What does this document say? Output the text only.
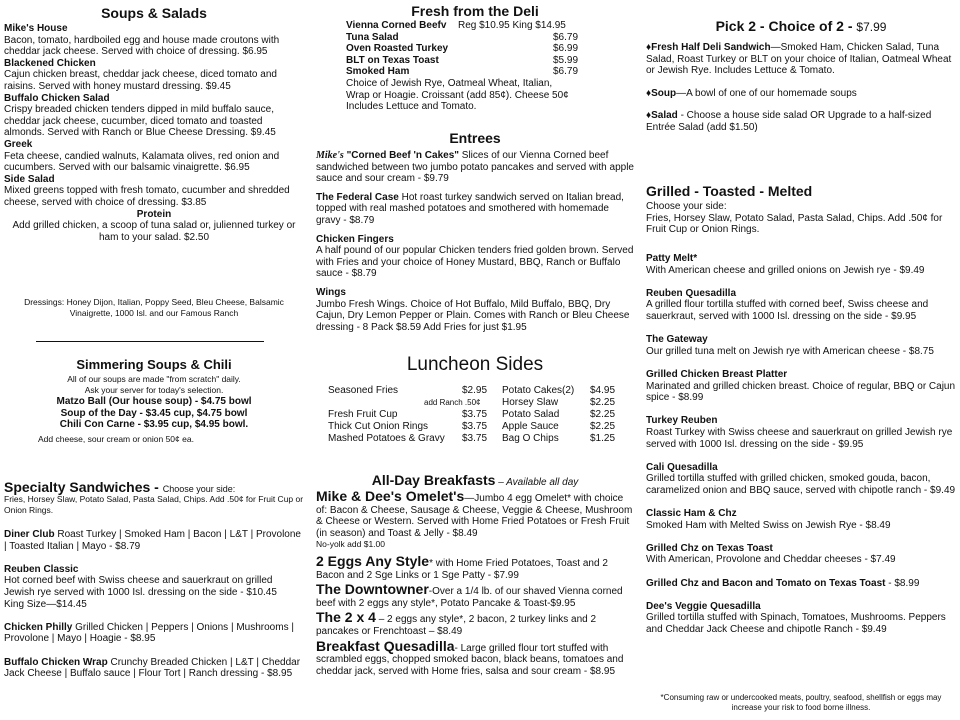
Soups & Salads
Mike's House
Bacon, tomato, hardboiled egg and house made croutons with cheddar jack cheese. Served with choice of dressing. $6.95
Blackened Chicken
Cajun chicken breast, cheddar jack cheese, diced tomato and raisins. Served with honey mustard dressing. $9.45
Buffalo Chicken Salad
Crispy breaded chicken tenders dipped in mild buffalo sauce, cheddar jack cheese, cucumber, diced tomato and toasted almonds. Served with Ranch or Blue Cheese Dressing. $9.45
Greek
Feta cheese, candied walnuts, Kalamata olives, red onion and cucumbers. Served with our balsamic vinaigrette. $6.95
Side Salad
Mixed greens topped with fresh tomato, cucumber and shredded cheese, served with choice of dressing. $3.85
Protein
Add grilled chicken, a scoop of tuna salad or, julienned turkey or ham to your salad. $2.50
Dressings: Honey Dijon, Italian, Poppy Seed, Bleu Cheese, Balsamic Vinaigrette, 1000 Isl. and our Famous Ranch
Simmering Soups & Chili
All of our soups are made "from scratch" daily.
Ask your server for today's selection.
Matzo Ball (Our house soup) - $4.75 bowl
Soup of the Day - $3.45 cup, $4.75 bowl
Chili Con Carne - $3.95 cup, $4.95 bowl.
Add cheese, sour cream or onion 50¢ ea.
Specialty Sandwiches - Choose your side:
Fries, Horsey Slaw, Potato Salad, Pasta Salad, Chips. Add .50¢ for Fruit Cup or Onion Rings.
Diner Club Roast Turkey | Smoked Ham | Bacon | L&T | Provolone | Toasted Italian | Mayo - $8.79
Reuben Classic
Hot corned beef with Swiss cheese and sauerkraut on grilled Jewish rye served with 1000 Isl. dressing on the side - $10.45          King Size—$14.45
Chicken Philly Grilled Chicken | Peppers | Onions | Mushrooms | Provolone | Mayo | Hoagie - $8.95
Buffalo Chicken Wrap Crunchy Breaded Chicken | L&T | Cheddar Jack Cheese | Buffalo sauce | Flour Tort | Ranch dressing - $8.95
Fresh from the Deli
Vienna Corned Beefv	Reg $10.95 King $14.95
Tuna Salad	$6.79
Oven Roasted Turkey	$6.99
BLT on Texas Toast	$5.99
Smoked Ham	$6.79
Choice of Jewish Rye, Oatmeal Wheat, Italian, Wrap or Hoagie. Croissant (add 85¢). Cheese 50¢ Includes Lettuce and Tomato.
Entrees
Mike's "Corned Beef 'n Cakes" Slices of our Vienna Corned beef sandwiched between two jumbo potato pancakes and served with apple sauce and sour cream - $9.79
The Federal Case Hot roast turkey sandwich served on Italian bread, topped with real mashed potatoes and smothered with homemade gravy - $8.79
Chicken Fingers
A half pound of our popular Chicken tenders fried golden brown. Served with Fries and your choice of Honey Mustard, BBQ, Ranch or Buffalo sauce - $8.79
Wings
Jumbo Fresh Wings. Choice of Hot Buffalo, Mild Buffalo, BBQ, Dry Cajun, Dry Lemon Pepper or Plain. Comes with Ranch or Bleu Cheese dressing - 8 Pack $8.59 Add Fries for just $1.95
Luncheon Sides
Seasoned Fries	$2.95	Potato Cakes(2)	$4.95
add Ranch .50¢		Horsey Slaw	$2.25
Fresh Fruit Cup	$3.75	Potato Salad	$2.25
Thick Cut Onion Rings	$3.75	Apple Sauce	$2.25
Mashed Potatoes & Gravy	$3.75	Bag O Chips	$1.25
All-Day Breakfasts – Available all day
Mike & Dee's Omelet's—Jumbo 4 egg Omelet* with choice of: Bacon & Cheese, Sausage & Cheese, Veggie & Cheese, Mushroom & Cheese or Western. Served with Home Fried Potatoes or Fresh Fruit (in season) and Toast & Jelly - $8.49
No-yolk add $1.00
2 Eggs Any Style* with Home Fried Potatoes, Toast and 2 Bacon and 2 Sge Links or 1 Sge Patty - $7.99
The Downtowner-Over a 1/4 lb. of our shaved Vienna corned beef with 2 eggs any style*, Potato Pancake & Toast-$9.95
The 2 x 4 – 2 eggs any style*, 2 bacon, 2 turkey links and 2 pancakes or Frenchtoast – $8.49
Breakfast Quesadilla- Large grilled flour tort stuffed with scrambled eggs, chopped smoked bacon, black beans, tomatoes and cheddar jack, served with Home fries, salsa and sour cream - $8.95
Pick 2 - Choice of 2 - $7.99
♦Fresh Half Deli Sandwich—Smoked Ham, Chicken Salad, Tuna Salad, Roast Turkey or BLT on your choice of Italian, Oatmeal Wheat or Jewish Rye. Includes Lettuce & Tomato.
♦Soup—A bowl of one of our homemade soups
♦Salad - Choose a house side salad OR Upgrade to a half-sized Entrée Salad (add $1.50)
Grilled - Toasted - Melted
Choose your side:
Fries, Horsey Slaw, Potato Salad, Pasta Salad, Chips. Add .50¢ for Fruit Cup or Onion Rings.
Patty Melt*
With American cheese and grilled onions on Jewish rye - $9.49
Reuben Quesadilla
A grilled flour tortilla stuffed with corned beef, Swiss cheese and sauerkraut, served with 1000 Isl. dressing on the side - $9.95
The Gateway
Our grilled tuna melt on Jewish rye with American cheese - $8.75
Grilled Chicken Breast Platter
Marinated and grilled chicken breast. Choice of regular, BBQ or Cajun spice - $8.99
Turkey Reuben
Roast Turkey with Swiss cheese and sauerkraut on grilled Jewish rye served with 1000 Isl. dressing on the side - $9.95
Cali Quesadilla
Grilled tortilla stuffed with grilled chicken, smoked gouda, bacon, caramelized onion and BBQ sauce, served with chipotle ranch - $9.49
Classic Ham & Chz
Smoked Ham with Melted Swiss on Jewish Rye - $8.49
Grilled Chz on Texas Toast
With American, Provolone and Cheddar cheeses - $7.49
Grilled Chz and Bacon and Tomato on Texas Toast - $8.99
Dee's Veggie Quesadilla
Grilled tortilla stuffed with Spinach, Tomatoes, Mushrooms. Peppers and Cheddar Jack Cheese and chipotle Ranch - $9.49
*Consuming raw or undercooked meats, poultry, seafood, shellfish or eggs may increase your risk to food borne illness.
